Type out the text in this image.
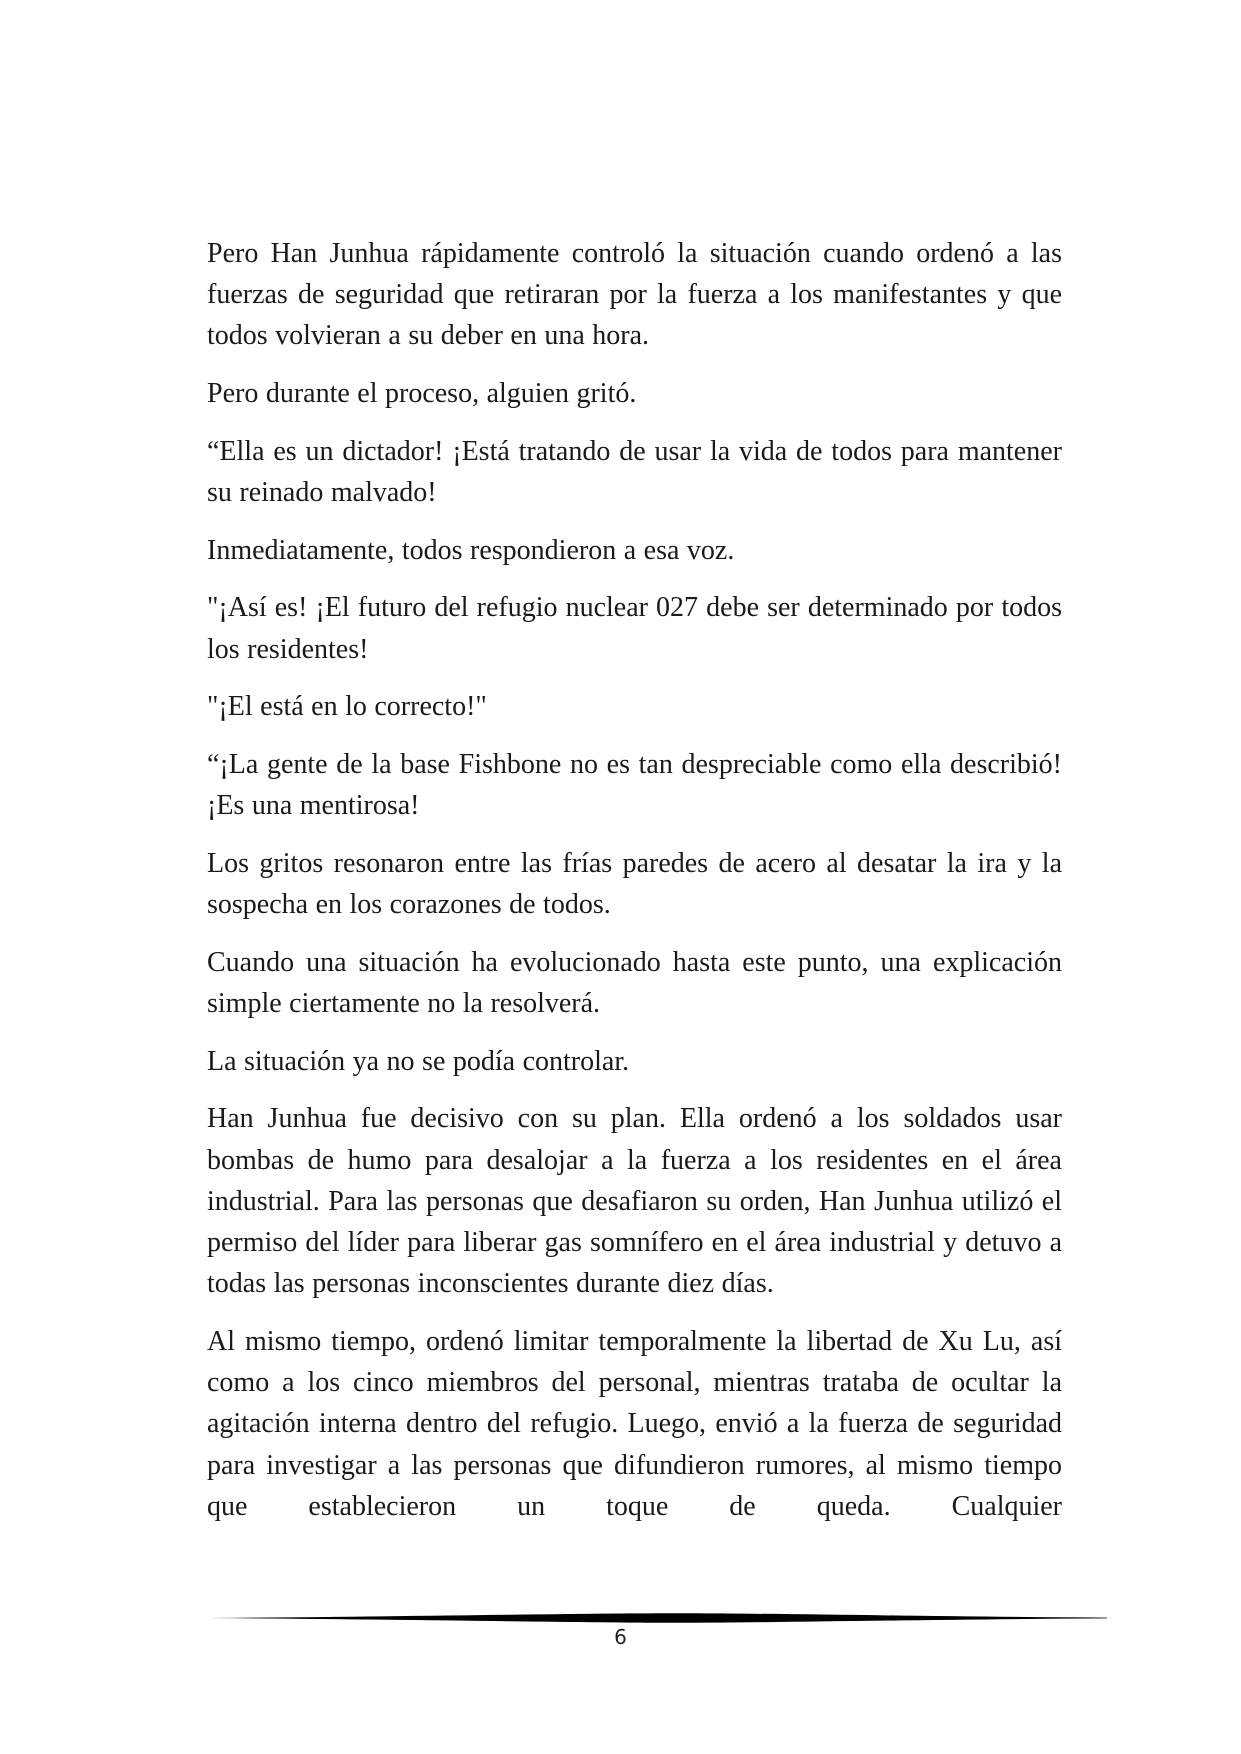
Pero Han Junhua rápidamente controló la situación cuando ordenó a las fuerzas de seguridad que retiraran por la fuerza a los manifestantes y que todos volvieran a su deber en una hora.

Pero durante el proceso, alguien gritó.

“Ella es un dictador! ¡Está tratando de usar la vida de todos para mantener su reinado malvado!

Inmediatamente, todos respondieron a esa voz.

"¡Así es! ¡El futuro del refugio nuclear 027 debe ser determinado por todos los residentes!

"¡El está en lo correcto!"

“¡La gente de la base Fishbone no es tan despreciable como ella describió! ¡Es una mentirosa!

Los gritos resonaron entre las frías paredes de acero al desatar la ira y la sospecha en los corazones de todos.

Cuando una situación ha evolucionado hasta este punto, una explicación simple ciertamente no la resolverá.

La situación ya no se podía controlar.

Han Junhua fue decisivo con su plan. Ella ordenó a los soldados usar bombas de humo para desalojar a la fuerza a los residentes en el área industrial. Para las personas que desafiaron su orden, Han Junhua utilizó el permiso del líder para liberar gas somnífero en el área industrial y detuvo a todas las personas inconscientes durante diez días.

Al mismo tiempo, ordenó limitar temporalmente la libertad de Xu Lu, así como a los cinco miembros del personal, mientras trataba de ocultar la agitación interna dentro del refugio. Luego, envió a la fuerza de seguridad para investigar a las personas que difundieron rumores, al mismo tiempo que establecieron un toque de queda. Cualquier

6
